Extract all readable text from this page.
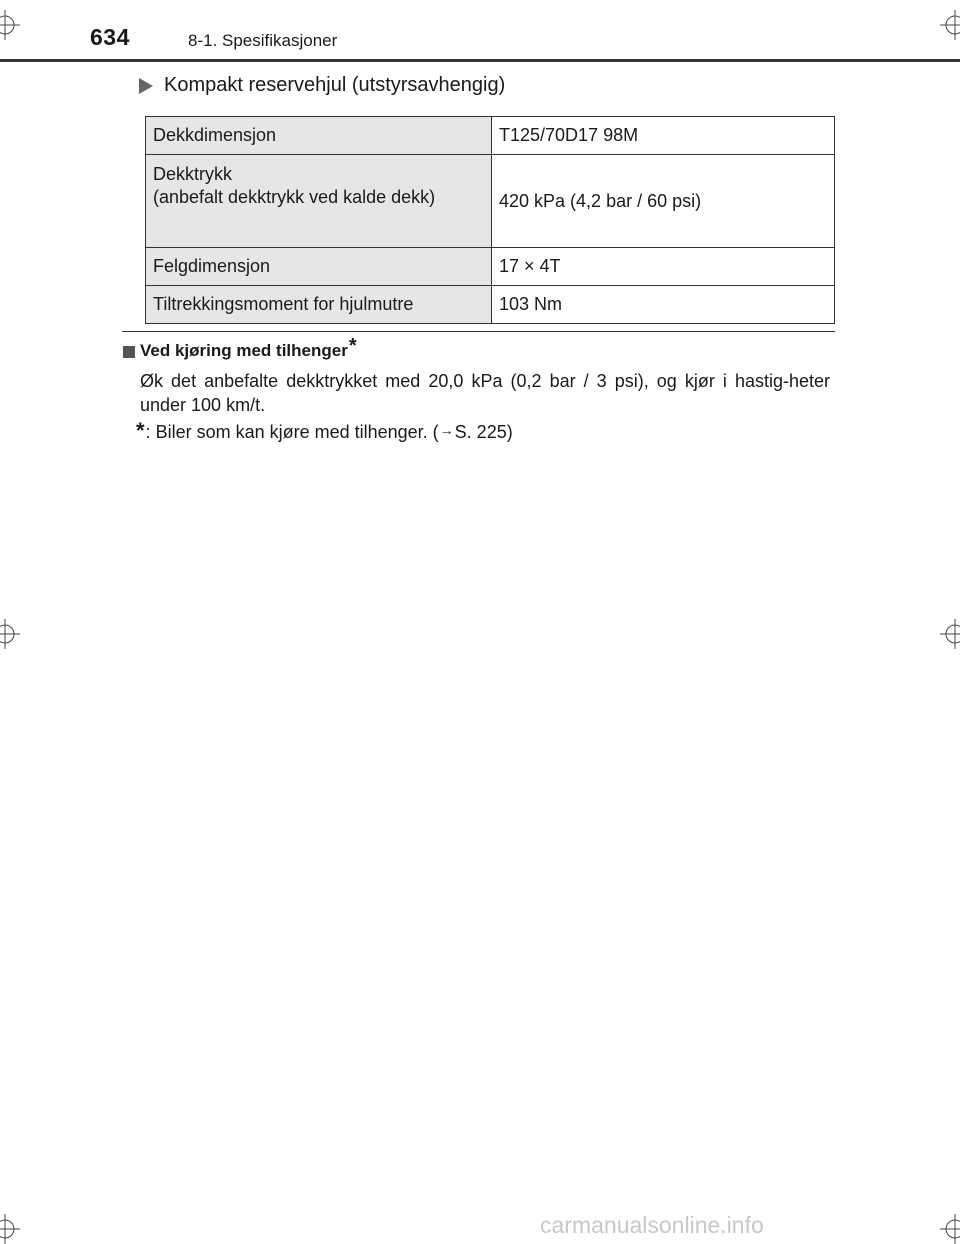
634	8-1. Spesifikasjoner
Kompakt reservehjul (utstyrsavhengig)
Dekkdimensjon	T125/70D17 98M

Dekktrykk
(anbefalt dekktrykk ved kalde dekk)	420 kPa (4,2 bar / 60 psi)
Felgdimensjon	17 × 4T
Tiltrekkingsmoment for hjulmutre	103 Nm
Ved kjøring med tilhenger *
Øk det anbefalte dekktrykket med 20,0 kPa (0,2 bar / 3 psi), og kjør i hastig-heter under 100 km/t.
* : Biler som kan kjøre med tilhenger. ( → S. 225)
carmanualsonline.info
